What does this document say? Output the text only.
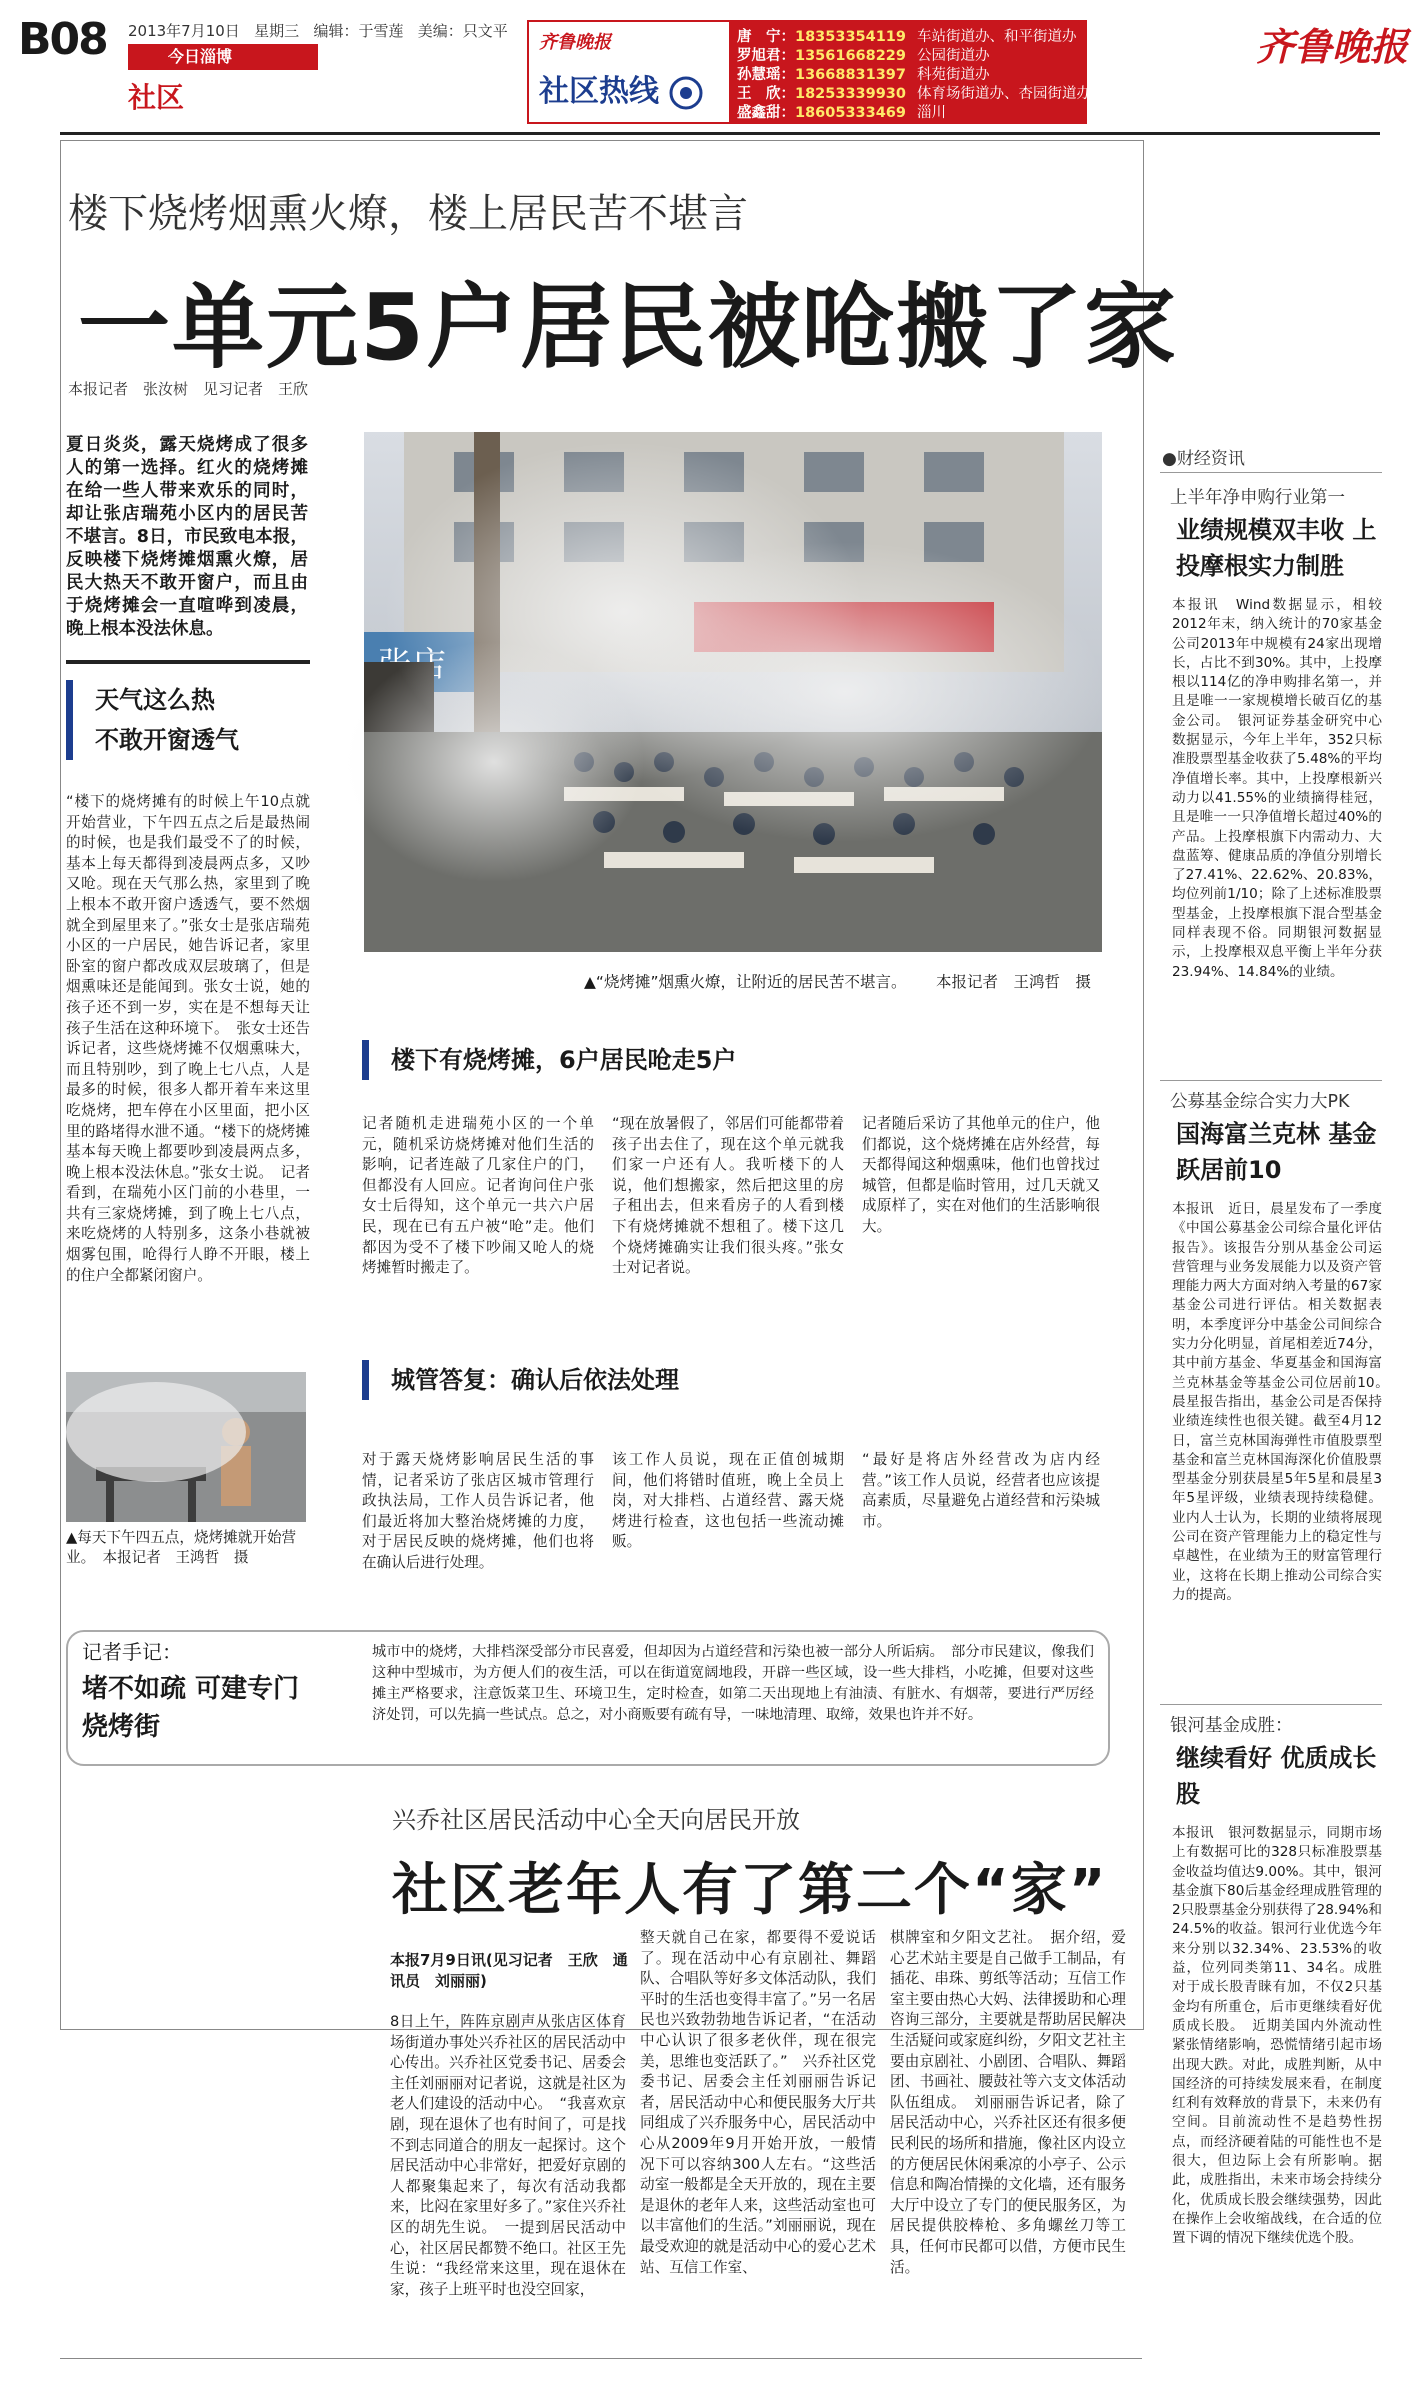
B08 2013年7月10日 星期三 编辑：于雪莲 美编：只文平
今日淄博
社区
齐鲁晚报
社区热线
唐　宁：18353354119 车站街道办、和平街道办
罗旭君：13561668229 公园街道办
孙慧瑶：13668831397 科苑街道办
王　欣：18253339930 体育场街道办、杏园街道办
盛鑫甜：18605333469 淄川
齐鲁晚报
楼下烧烤烟熏火燎，楼上居民苦不堪言
一单元5户居民被呛搬了家
本报记者　张汝树　见习记者　王欣
夏日炎炎，露天烧烤成了很多人的第一选择。红火的烧烤摊在给一些人带来欢乐的同时，却让张店瑞苑小区内的居民苦不堪言。8日，市民致电本报，反映楼下烧烤摊烟熏火燎，居民大热天不敢开窗户，而且由于烧烤摊会一直喧哗到凌晨，晚上根本没法休息。
天气这么热
不敢开窗透气
“楼下的烧烤摊有的时候上午10点就开始营业，下午四五点之后是最热闹的时候，也是我们最受不了的时候，基本上每天都得到凌晨两点多，又吵又呛。现在天气那么热，家里到了晚上根本不敢开窗户透透气，要不然烟就全到屋里来了。”张女士是张店瑞苑小区的一户居民，她告诉记者，家里卧室的窗户都改成双层玻璃了，但是烟熏味还是能闻到。张女士说，她的孩子还不到一岁，实在是不想每天让孩子生活在这种环境下。　张女士还告诉记者，这些烧烤摊不仅烟熏味大，而且特别吵，到了晚上七八点，人是最多的时候，很多人都开着车来这里吃烧烤，把车停在小区里面，把小区里的路堵得水泄不通。“楼下的烧烤摊基本每天晚上都要吵到凌晨两点多，晚上根本没法休息。”张女士说。　记者看到，在瑞苑小区门前的小巷里，一共有三家烧烤摊，到了晚上七八点，来吃烧烤的人特别多，这条小巷就被烟雾包围，呛得行人睁不开眼，楼上的住户全都紧闭窗户。
▲“烧烤摊”烟熏火燎，让附近的居民苦不堪言。 本报记者　王鸿哲　摄
▲每天下午四五点，烧烤摊就开始营业。　本报记者　王鸿哲　摄
楼下有烧烤摊，6户居民呛走5户
记者随机走进瑞苑小区的一个单元，随机采访烧烤摊对他们生活的影响，记者连敲了几家住户的门，但都没有人回应。记者询问住户张女士后得知，这个单元一共六户居民，现在已有五户被“呛”走。他们都因为受不了楼下吵闹又呛人的烧烤摊暂时搬走了。
“现在放暑假了，邻居们可能都带着孩子出去住了，现在这个单元就我们家一户还有人。我听楼下的人说，他们想搬家，然后把这里的房子租出去，但来看房子的人看到楼下有烧烤摊就不想租了。楼下这几个烧烤摊确实让我们很头疼。”张女士对记者说。
记者随后采访了其他单元的住户，他们都说，这个烧烤摊在店外经营，每天都得闻这种烟熏味，他们也曾找过城管，但都是临时管用，过几天就又成原样了，实在对他们的生活影响很大。
城管答复：确认后依法处理
对于露天烧烤影响居民生活的事情，记者采访了张店区城市管理行政执法局，工作人员告诉记者，他们最近将加大整治烧烤摊的力度，对于居民反映的烧烤摊，他们也将在确认后进行处理。
该工作人员说，现在正值创城期间，他们将错时值班，晚上全员上岗，对大排档、占道经营、露天烧烤进行检查，这也包括一些流动摊贩。
“最好是将店外经营改为店内经营。”该工作人员说，经营者也应该提高素质，尽量避免占道经营和污染城市。
记者手记：
堵不如疏 可建专门烧烤街
城市中的烧烤，大排档深受部分市民喜爱，但却因为占道经营和污染也被一部分人所诟病。　部分市民建议，像我们这种中型城市，为方便人们的夜生活，可以在街道宽阔地段，开辟一些区域，设一些大排档，小吃摊，但要对这些摊主严格要求，注意饭菜卫生、环境卫生，定时检查，如第二天出现地上有油渍、有脏水、有烟蒂，要进行严厉经济处罚，可以先搞一些试点。总之，对小商贩要有疏有导，一味地清理、取缔，效果也许并不好。
兴乔社区居民活动中心全天向居民开放
社区老年人有了第二个“家”
本报7月9日讯(见习记者　王欣　通讯员　刘丽丽)
8日上午，阵阵京剧声从张店区体育场街道办事处兴乔社区的居民活动中心传出。兴乔社区党委书记、居委会主任刘丽丽对记者说，这就是社区为老人们建设的活动中心。　“我喜欢京剧，现在退休了也有时间了，可是找不到志同道合的朋友一起探讨。这个居民活动中心非常好，把爱好京剧的人都聚集起来了，每次有活动我都来，比闷在家里好多了。”家住兴乔社区的胡先生说。　一提到居民活动中心，社区居民都赞不绝口。社区王先生说：“我经常来这里，现在退休在家，孩子上班平时也没空回家，
整天就自己在家，都要得不爱说话了。现在活动中心有京剧社、舞蹈队、合唱队等好多文体活动队，我们平时的生活也变得丰富了。”另一名居民也兴致勃勃地告诉记者，“在活动中心认识了很多老伙伴，现在很完美，思维也变活跃了。”　兴乔社区党委书记、居委会主任刘丽丽告诉记者，居民活动中心和便民服务大厅共同组成了兴乔服务中心，居民活动中心从2009年9月开始开放，一般情况下可以容纳300人左右。“这些活动室一般都是全天开放的，现在主要是退休的老年人来，这些活动室也可以丰富他们的生活。”刘丽丽说，现在最受欢迎的就是活动中心的爱心艺术站、互信工作室、
棋牌室和夕阳文艺社。　据介绍，爱心艺术站主要是自己做手工制品，有插花、串珠、剪纸等活动；互信工作室主要由热心大妈、法律援助和心理咨询三部分，主要就是帮助居民解决生活疑问或家庭纠纷，夕阳文艺社主要由京剧社、小剧团、合唱队、舞蹈团、书画社、腰鼓社等六支文体活动队伍组成。　刘丽丽告诉记者，除了居民活动中心，兴乔社区还有很多便民利民的场所和措施，像社区内设立的方便居民休闲乘凉的小亭子、公示信息和陶冶情操的文化墙，还有服务大厅中设立了专门的便民服务区，为居民提供胶棒枪、多角螺丝刀等工具，任何市民都可以借，方便市民生活。
●财经资讯
上半年净申购行业第一
业绩规模双丰收 上投摩根实力制胜
本报讯　Wind数据显示，相较2012年末，纳入统计的70家基金公司2013年中规模有24家出现增长，占比不到30%。其中，上投摩根以114亿的净申购排名第一，并且是唯一一家规模增长破百亿的基金公司。　银河证券基金研究中心数据显示，今年上半年，352只标准股票型基金收获了5.48%的平均净值增长率。其中，上投摩根新兴动力以41.55%的业绩摘得桂冠，且是唯一一只净值增长超过40%的产品。上投摩根旗下内需动力、大盘蓝筹、健康品质的净值分别增长了27.41%、22.62%、20.83%，均位列前1/10；除了上述标准股票型基金，上投摩根旗下混合型基金同样表现不俗。同期银河数据显示，上投摩根双息平衡上半年分获23.94%、14.84%的业绩。
公募基金综合实力大PK
国海富兰克林 基金跃居前10
本报讯　近日，晨星发布了一季度《中国公募基金公司综合量化评估报告》。该报告分别从基金公司运营管理与业务发展能力以及资产管理能力两大方面对纳入考量的67家基金公司进行评估。相关数据表明，本季度评分中基金公司间综合实力分化明显，首尾相差近74分，其中前方基金、华夏基金和国海富兰克林基金等基金公司位居前10。　晨星报告指出，基金公司是否保持业绩连续性也很关键。截至4月12日，富兰克林国海弹性市值股票型基金和富兰克林国海深化价值股票型基金分别获晨星5年5星和晨星3年5星评级，业绩表现持续稳健。业内人士认为，长期的业绩将展现公司在资产管理能力上的稳定性与卓越性，在业绩为王的财富管理行业，这将在长期上推动公司综合实力的提高。
银河基金成胜：
继续看好 优质成长股
本报讯　银河数据显示，同期市场上有数据可比的328只标准股票基金收益均值达9.00%。其中，银河基金旗下80后基金经理成胜管理的2只股票基金分别获得了28.94%和24.5%的收益。银河行业优选今年来分别以32.34%、23.53%的收益，位列同类第11、34名。成胜对于成长股青睐有加，不仅2只基金均有所重仓，后市更继续看好优质成长股。　近期美国内外流动性紧张情绪影响，恐慌情绪引起市场出现大跌。对此，成胜判断，从中国经济的可持续发展来看，在制度红利有效释放的背景下，未来仍有空间。目前流动性不是趋势性拐点，而经济硬着陆的可能性也不是很大，但边际上会有所影响。据此，成胜指出，未来市场会持续分化，优质成长股会继续强势，因此在操作上会收缩战线，在合适的位置下调的情况下继续优选个股。
